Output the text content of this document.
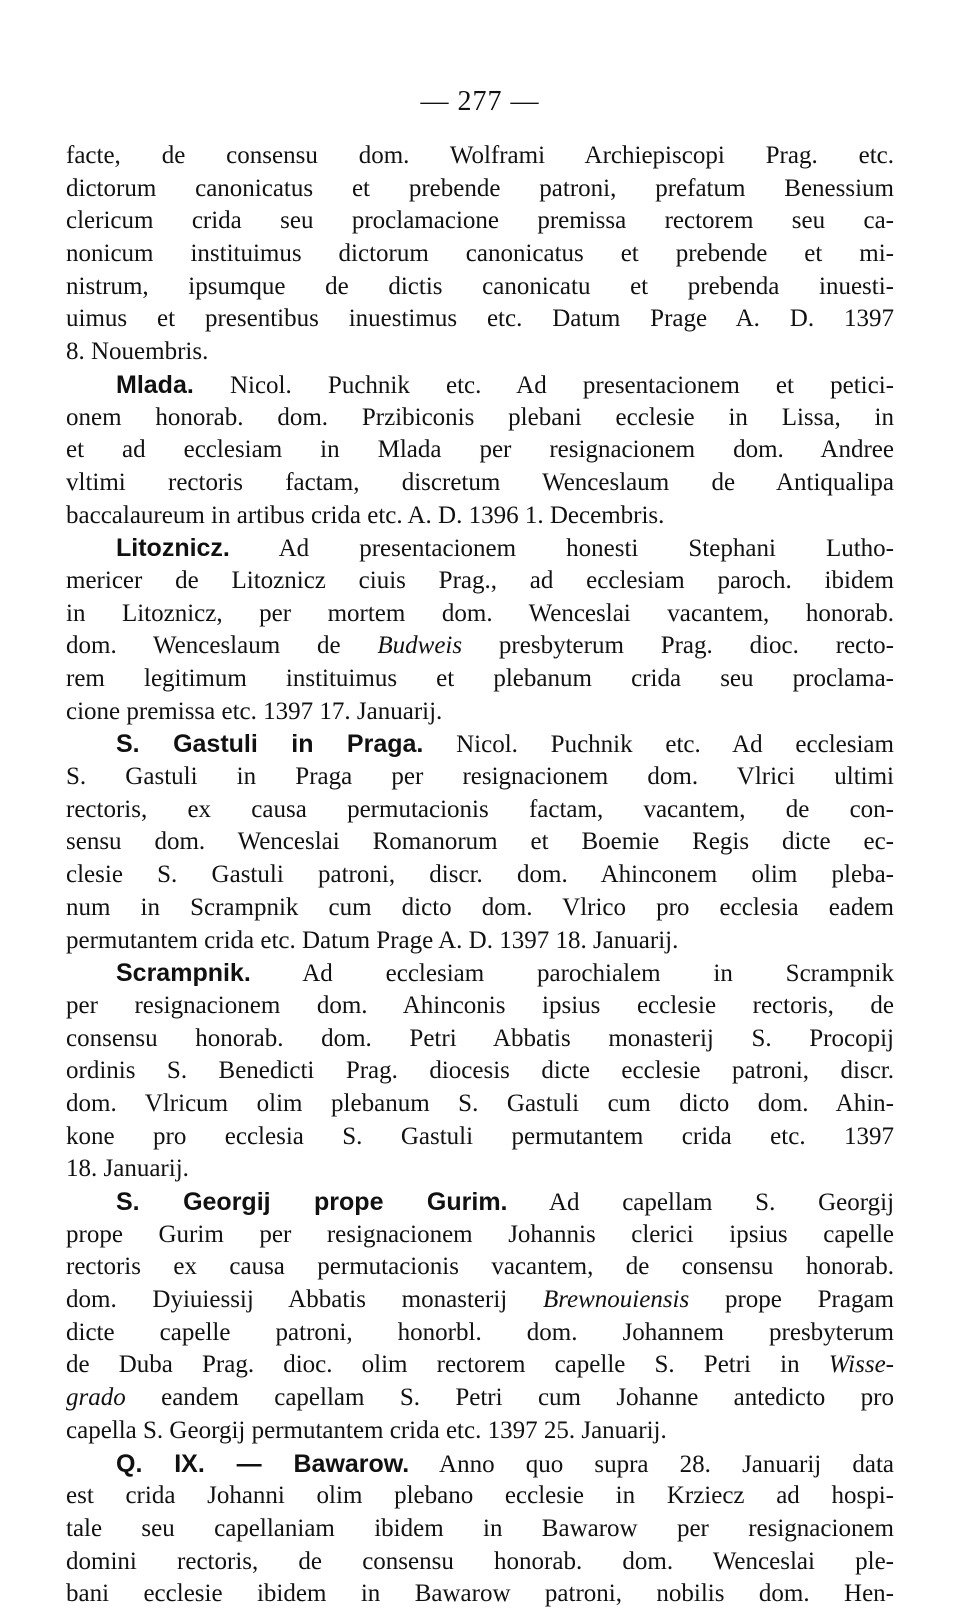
— 277 —
facte, de consensu dom. Wolframi Archiepiscopi Prag. etc.
dictorum canonicatus et prebende patroni, prefatum Benessium
clericum crida seu proclamacione premissa rectorem seu ca-
nonicum instituimus dictorum canonicatus et prebende et mi-
nistrum, ipsumque de dictis canonicatu et prebenda inuesti-
uimus et presentibus inuestimus etc. Datum Prage A. D. 1397
8. Nouembris.
Mlada. Nicol. Puchnik etc. Ad presentacionem et petici-
onem honorab. dom. Przibiconis plebani ecclesie in Lissa, in
et ad ecclesiam in Mlada per resignacionem dom. Andree
vltimi rectoris factam, discretum Wenceslaum de Antiqualipa
baccalaureum in artibus crida etc. A. D. 1396 1. Decembris.
Litoznicz. Ad presentacionem honesti Stephani Lutho-
mericer de Litoznicz ciuis Prag., ad ecclesiam paroch. ibidem
in Litoznicz, per mortem dom. Wenceslai vacantem, honorab.
dom. Wenceslaum de Budweis presbyterum Prag. dioc. recto-
rem legitimum instituimus et plebanum crida seu proclama-
cione premissa etc. 1397 17. Januarij.
S. Gastuli in Praga. Nicol. Puchnik etc. Ad ecclesiam
S. Gastuli in Praga per resignacionem dom. Vlrici ultimi
rectoris, ex causa permutacionis factam, vacantem, de con-
sensu dom. Wenceslai Romanorum et Boemie Regis dicte ec-
clesie S. Gastuli patroni, discr. dom. Ahinconem olim pleba-
num in Scrampnik cum dicto dom. Vlrico pro ecclesia eadem
permutantem crida etc. Datum Prage A. D. 1397 18. Januarij.
Scrampnik. Ad ecclesiam parochialem in Scrampnik
per resignacionem dom. Ahinconis ipsius ecclesie rectoris, de
consensu honorab. dom. Petri Abbatis monasterij S. Procopij
ordinis S. Benedicti Prag. diocesis dicte ecclesie patroni, discr.
dom. Vlricum olim plebanum S. Gastuli cum dicto dom. Ahin-
kone pro ecclesia S. Gastuli permutantem crida etc. 1397
18. Januarij.
S. Georgij prope Gurim. Ad capellam S. Georgij
prope Gurim per resignacionem Johannis clerici ipsius capelle
rectoris ex causa permutacionis vacantem, de consensu honorab.
dom. Dyiuiessij Abbatis monasterij Brewnouiensis prope Pragam
dicte capelle patroni, honorbl. dom. Johannem presbyterum
de Duba Prag. dioc. olim rectorem capelle S. Petri in Wisse-
grado eandem capellam S. Petri cum Johanne antedicto pro
capella S. Georgij permutantem crida etc. 1397 25. Januarij.
Q. IX. — Bawarow. Anno quo supra 28. Januarij data
est crida Johanni olim plebano ecclesie in Krziecz ad hospi-
tale seu capellaniam ibidem in Bawarow per resignacionem
domini rectoris, de consensu honorab. dom. Wenceslai ple-
bani ecclesie ibidem in Bawarow patroni, nobilis dom. Hen-
